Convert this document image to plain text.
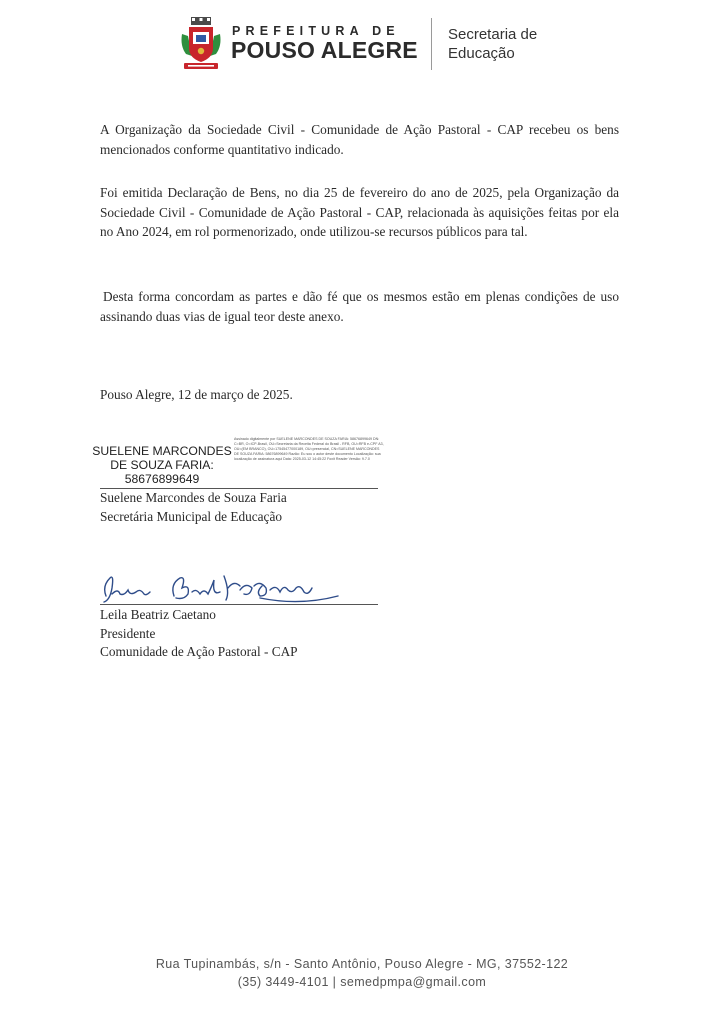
PREFEITURA DE
POUSO ALEGRE
Secretaria de
Educação

A Organização da Sociedade Civil - Comunidade de Ação Pastoral - CAP recebeu os bens mencionados conforme quantitativo indicado.

Foi emitida Declaração de Bens, no dia 25 de fevereiro do ano de 2025, pela Organização da Sociedade Civil - Comunidade de Ação Pastoral - CAP, relacionada às aquisições feitas por ela no Ano 2024, em rol pormenorizado, onde utilizou-se recursos públicos para tal.

Desta forma concordam as partes e dão fé que os mesmos estão em plenas condições de uso assinando duas vias de igual teor deste anexo.

Pouso Alegre, 12 de março de 2025.
SUELENE MARCONDES
DE SOUZA FARIA:
58676899649
Assinado digitalmente por SUELENE MARCONDES DE SOUZA FARIA: 58676899649 DN: C=BR, O=ICP-Brasil, OU=Secretaria da Receita Federal do Brasil - RFB, OU=RFB e-CPF A3, OU=(EM BRANCO), OU=17545477000189, OU=presencial, CN=SUELENE MARCONDES DE SOUZA FARIA: 58676899649 Razão: Eu sou o autor deste documento Localização: sua localização de assinatura aqui Data: 2025-03-12 14:45:22 Foxit Reader Versão: 9.7.0
Suelene Marcondes de Souza Faria
Secretária Municipal de Educação
Leila Beatriz Caetano
Presidente
Comunidade de Ação Pastoral - CAP
Rua Tupinambás, s/n - Santo Antônio, Pouso Alegre - MG, 37552-122
(35) 3449-4101 | semedpmpa@gmail.com
